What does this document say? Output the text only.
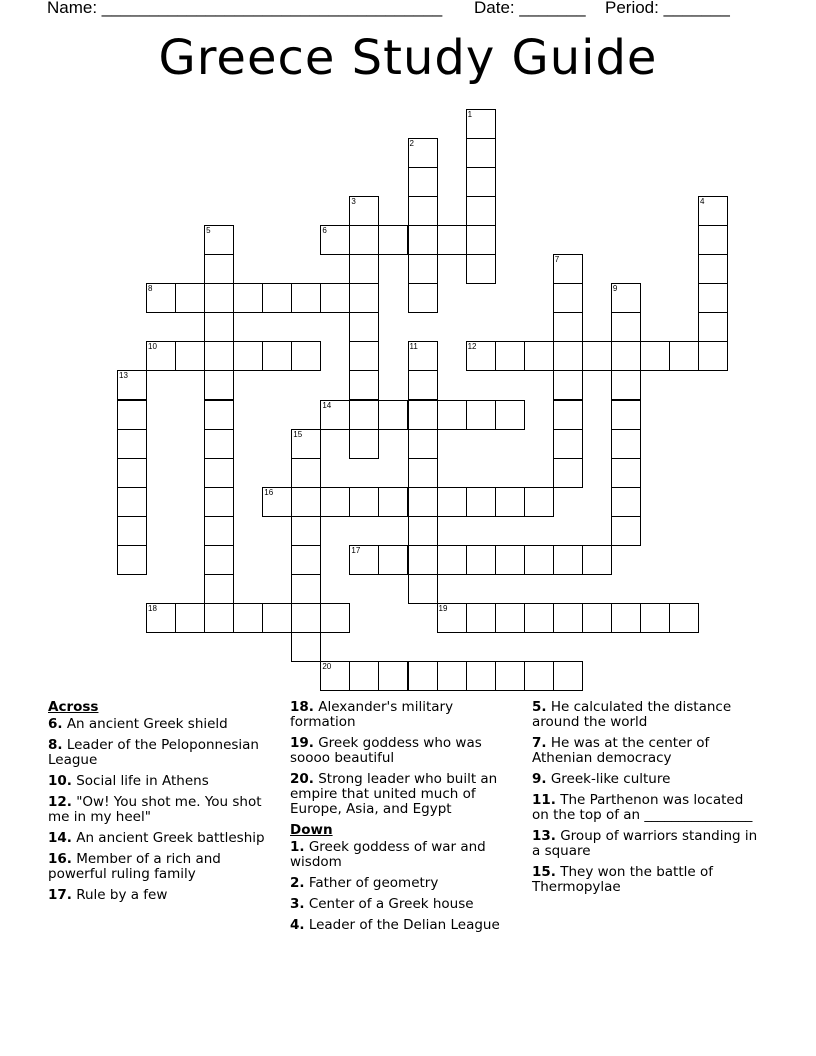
Name: ____________________________________ Date: _______ Period: _______
Greece Study Guide
1
2
3	4
5	6
7
8	9
10	11	12
13
14
15
16
17
18	19
20
Across
6. An ancient Greek shield
8. Leader of the Peloponnesian League
10. Social life in Athens
12. "Ow! You shot me. You shot me in my heel"
14. An ancient Greek battleship
16. Member of a rich and powerful ruling family
17. Rule by a few
18. Alexander's military formation
19. Greek goddess who was soooo beautiful
20. Strong leader who built an empire that united much of Europe, Asia, and Egypt
Down
1. Greek goddess of war and wisdom
2. Father of geometry
3. Center of a Greek house
4. Leader of the Delian League
5. He calculated the distance around the world
7. He was at the center of Athenian democracy
9. Greek-like culture
11. The Parthenon was located on the top of an ________________
13. Group of warriors standing in a square
15. They won the battle of Thermopylae
